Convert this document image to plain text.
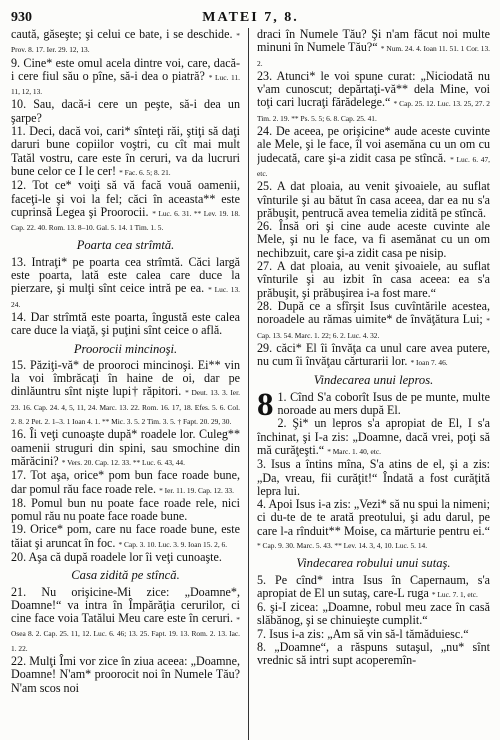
930	MATEI 7, 8.

caută, găseşte; şi celui ce bate, i se deschide. * Prov. 8. 17. Ier. 29. 12, 13.

9. Cine* este omul acela dintre voi, care, dacă-i cere fiul său o pîne, să-i dea o piatră? * Luc. 11. 11, 12, 13.

10. Sau, dacă-i cere un peşte, să-i dea un şarpe?

11. Deci, dacă voi, cari* sînteţi răi, ştiţi să daţi daruri bune copiilor voştri, cu cît mai mult Tatăl vostru, care este în ceruri, va da lucruri bune celor ce I le cer! * Fac. 6. 5; 8. 21.

12. Tot ce* voiţi să vă facă vouă oamenii, faceţi-le şi voi la fel; căci în aceasta** este cuprinsă Legea şi Proorocii. * Luc. 6. 31. ** Lev. 19. 18. Cap. 22. 40. Rom. 13. 8–10. Gal. 5. 14. 1 Tim. 1. 5.

Poarta cea strîmtă.

13. Intraţi* pe poarta cea strîmtă. Căci largă este poarta, lată este calea care duce la pierzare, şi mulţi sînt ceice intră pe ea. * Luc. 13. 24.

14. Dar strîmtă este poarta, îngustă este calea care duce la viaţă, şi puţini sînt ceice o află.

Proorocii mincinoşi.

15. Păziţi-vă* de prooroci mincinoşi. Ei** vin la voi îmbrăcaţi în haine de oi, dar pe dinlăuntru sînt nişte lupi† răpitori. * Deut. 13. 3. Ier. 23. 16. Cap. 24. 4, 5, 11, 24. Marc. 13. 22. Rom. 16. 17, 18. Efes. 5. 6. Col. 2. 8. 2 Pet. 2. 1–3. 1 Ioan 4. 1. ** Mic. 3. 5. 2 Tim. 3. 5. † Fapt. 20. 29, 30.

16. Îi veţi cunoaşte după* roadele lor. Culeg** oamenii struguri din spini, sau smochine din mărăcini? * Vers. 20. Cap. 12. 33. ** Luc. 6. 43, 44.

17. Tot aşa, orice* pom bun face roade bune, dar pomul rău face roade rele. * Ier. 11. 19. Cap. 12. 33.

18. Pomul bun nu poate face roade rele, nici pomul rău nu poate face roade bune.

19. Orice* pom, care nu face roade bune, este tăiat şi aruncat în foc. * Cap. 3. 10. Luc. 3. 9. Ioan 15. 2, 6.

20. Aşa că după roadele lor îi veţi cunoaşte.

Casa zidită pe stîncă.

21. Nu orişicine-Mi zice: „Doamne*, Doamne!“ va intra în Împărăţia cerurilor, ci cine face voia Tatălui Meu care este în ceruri. * Osea 8. 2. Cap. 25. 11, 12. Luc. 6. 46; 13. 25. Fapt. 19. 13. Rom. 2. 13. Iac. 1. 22.

22. Mulţi Îmi vor zice în ziua aceea: „Doamne, Doamne! N'am* proorocit noi în Numele Tău? N'am scos noi

draci în Numele Tău? Şi n'am făcut noi multe minuni în Numele Tău?“ * Num. 24. 4. Ioan 11. 51. 1 Cor. 13. 2.

23. Atunci* le voi spune curat: „Niciodată nu v'am cunoscut; depărtaţi-vă** dela Mine, voi toţi cari lucraţi fărădelege.“ * Cap. 25. 12. Luc. 13. 25, 27. 2 Tim. 2. 19. ** Ps. 5. 5; 6. 8. Cap. 25. 41.

24. De aceea, pe orişicine* aude aceste cuvinte ale Mele, şi le face, îl voi asemăna cu un om cu judecată, care şi-a zidit casa pe stîncă. * Luc. 6. 47, etc.

25. A dat ploaia, au venit şivoaiele, au suflat vînturile şi au bătut în casa aceea, dar ea nu s'a prăbuşit, pentrucă avea temelia zidită pe stîncă.

26. Însă ori şi cine aude aceste cuvinte ale Mele, şi nu le face, va fi asemănat cu un om nechibzuit, care şi-a zidit casa pe nisip.

27. A dat ploaia, au venit şivoaiele, au suflat vînturile şi au izbit în casa aceea: ea s'a prăbuşit, şi prăbuşirea i-a fost mare.“

28. După ce a sfîrşit Isus cuvîntările acestea, noroadele au rămas uimite* de învăţătura Lui; * Cap. 13. 54. Marc. 1. 22; 6. 2. Luc. 4. 32.

29. căci* El îi învăţa ca unul care avea putere, nu cum îi învăţau cărturarii lor. * Ioan 7. 46.

Vindecarea unui lepros.

8 1. Cînd S'a coborît Isus de pe munte, multe noroade au mers după El.

2. Şi* un lepros s'a apropiat de El, I s'a închinat, şi I-a zis: „Doamne, dacă vrei, poţi să mă curăţeşti.“ * Marc. 1. 40, etc.

3. Isus a întins mîna, S'a atins de el, şi a zis: „Da, vreau, fii curăţit!“ Îndată a fost curăţită lepra lui.

4. Apoi Isus i-a zis: „Vezi* să nu spui la nimeni; ci du-te de te arată preotului, şi adu darul, pe care l-a rînduit** Moise, ca mărturie pentru ei.“ * Cap. 9. 30. Marc. 5. 43. ** Lev. 14. 3, 4, 10. Luc. 5. 14.

Vindecarea robului unui sutaş.

5. Pe cînd* intra Isus în Capernaum, s'a apropiat de El un sutaş, care-L ruga * Luc. 7. 1, etc.

6. şi-I zicea: „Doamne, robul meu zace în casă slăbănog, şi se chinuieşte cumplit.“

7. Isus i-a zis: „Am să vin să-l tămăduiesc.“

8. „Doamne“, a răspuns sutaşul, „nu* sînt vrednic să intri supt acoperemîn-
